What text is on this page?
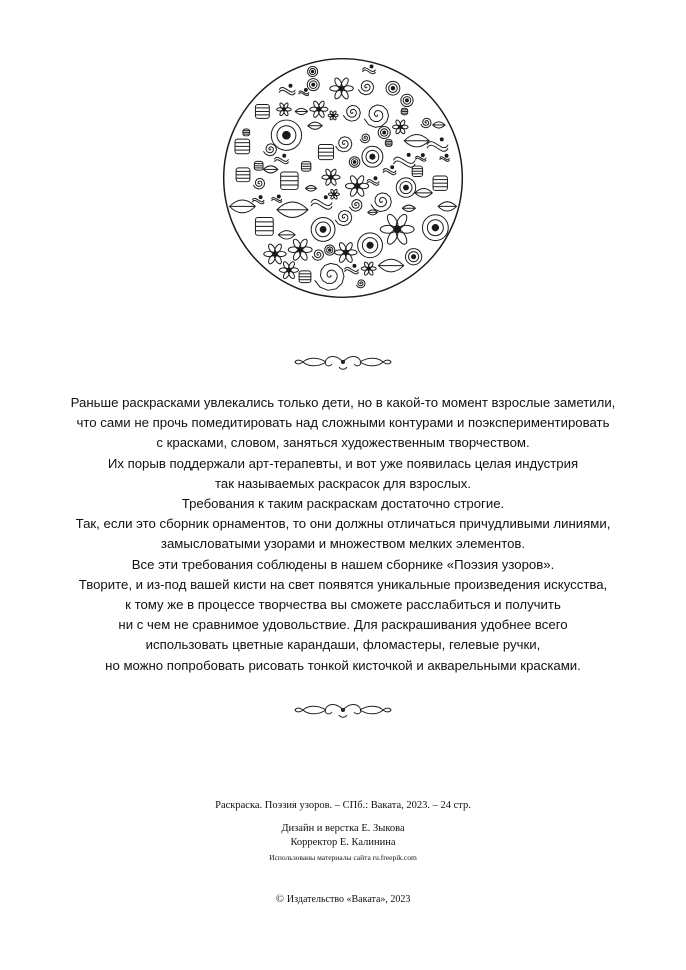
Раньше раскрасками увлекались только дети, но в какой-то момент взрослые заметили,
что сами не прочь помедитировать над сложными контурами и поэкспериментировать
с красками, словом, заняться художественным творчеством.
Их порыв поддержали арт-терапевты, и вот уже появилась целая индустрия
так называемых раскрасок для взрослых.
Требования к таким раскраскам достаточно строгие.
Так, если это сборник орнаментов, то они должны отличаться причудливыми линиями,
замысловатыми узорами и множеством мелких элементов.
Все эти требования соблюдены в нашем сборнике «Поэзия узоров».
Творите, и из-под вашей кисти на свет появятся уникальные произведения искусства,
к тому же в процессе творчества вы сможете расслабиться и получить
ни с чем не сравнимое удовольствие. Для раскрашивания удобнее всего
использовать цветные карандаши, фломастеры, гелевые ручки,
но можно попробовать рисовать тонкой кисточкой и акварельными красками.
Раскраска. Поэзия узоров. – СПб.: Ваката, 2023. – 24 стр.
Дизайн и верстка Е. Зыкова
Корректор Е. Калинина
Использованы материалы сайта ru.freepik.com
© Издательство «Ваката», 2023
